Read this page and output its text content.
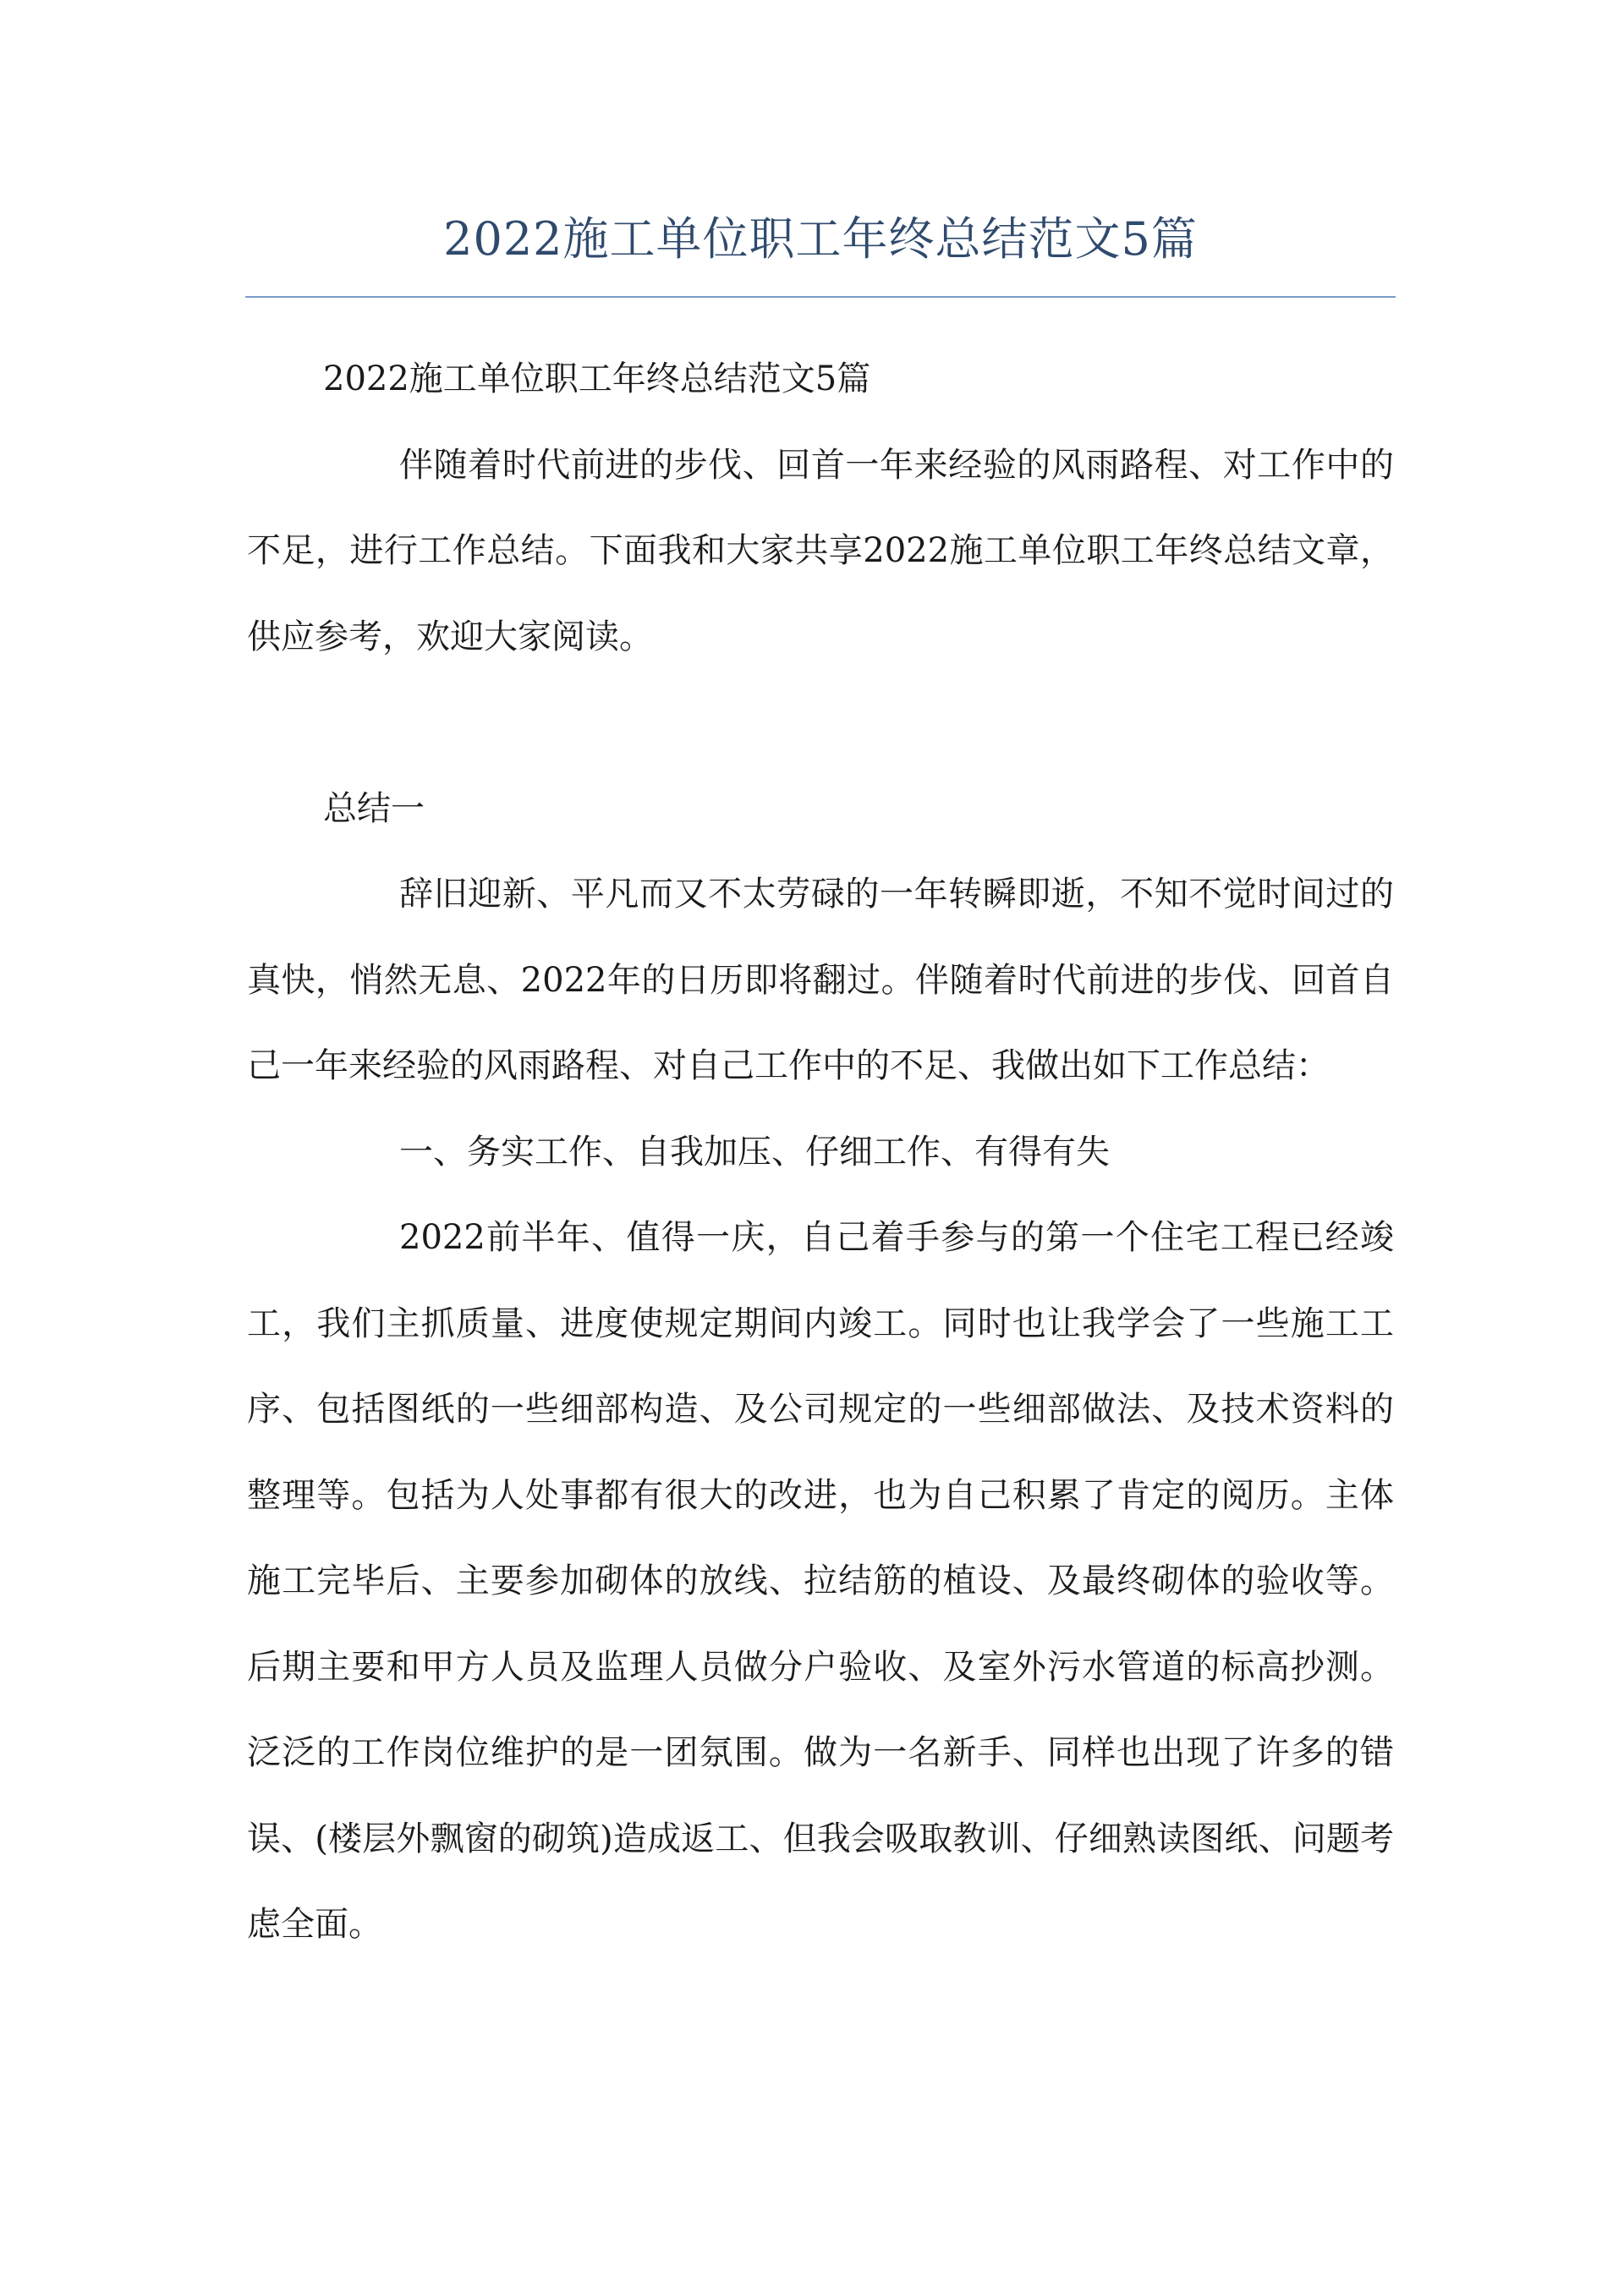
2022施工单位职工年终总结范文5篇

2022施工单位职工年终总结范文5篇

伴随着时代前进的步伐、回首一年来经验的风雨路程、对工作中的不足，进行工作总结。下面我和大家共享2022施工单位职工年终总结文章，供应参考，欢迎大家阅读。

总结一

辞旧迎新、平凡而又不太劳碌的一年转瞬即逝，不知不觉时间过的真快，悄然无息、2022年的日历即将翻过。伴随着时代前进的步伐、回首自己一年来经验的风雨路程、对自己工作中的不足、我做出如下工作总结：

一、务实工作、自我加压、仔细工作、有得有失

2022前半年、值得一庆，自己着手参与的第一个住宅工程已经竣工，我们主抓质量、进度使规定期间内竣工。同时也让我学会了一些施工工序、包括图纸的一些细部构造、及公司规定的一些细部做法、及技术资料的整理等。包括为人处事都有很大的改进，也为自己积累了肯定的阅历。主体施工完毕后、主要参加砌体的放线、拉结筋的植设、及最终砌体的验收等。后期主要和甲方人员及监理人员做分户验收、及室外污水管道的标高抄测。泛泛的工作岗位维护的是一团氛围。做为一名新手、同样也出现了许多的错误、(楼层外飘窗的砌筑)造成返工、但我会吸取教训、仔细熟读图纸、问题考虑全面。
